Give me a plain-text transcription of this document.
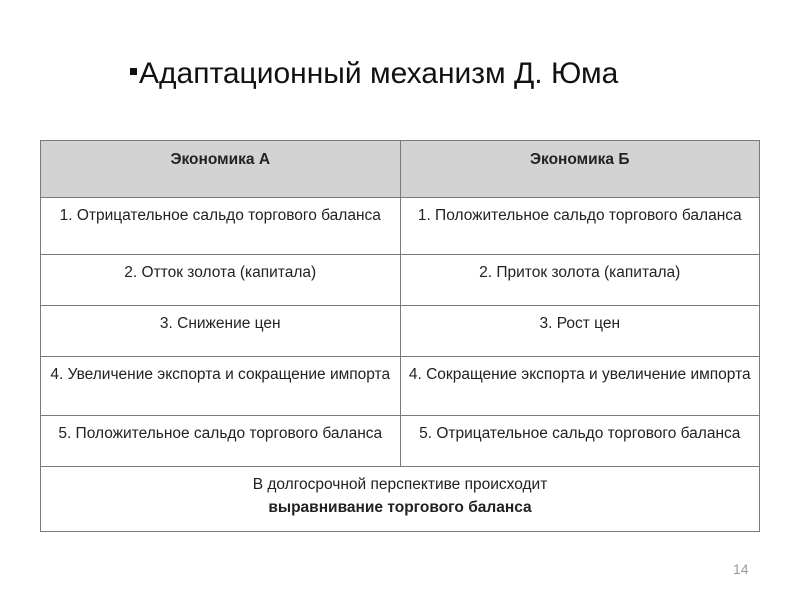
Адаптационный механизм Д. Юма
Экономика А	Экономика Б
1. Отрицательное сальдо торгового баланса	1. Положительное сальдо торгового баланса
2. Отток золота (капитала)	2. Приток золота (капитала)
3. Снижение цен	3. Рост цен
4. Увеличение экспорта и сокращение импорта	4. Сокращение экспорта и увеличение импорта
5. Положительное сальдо торгового баланса	5. Отрицательное сальдо торгового баланса
В долгосрочной перспективе происходит
выравнивание торгового баланса	
14
